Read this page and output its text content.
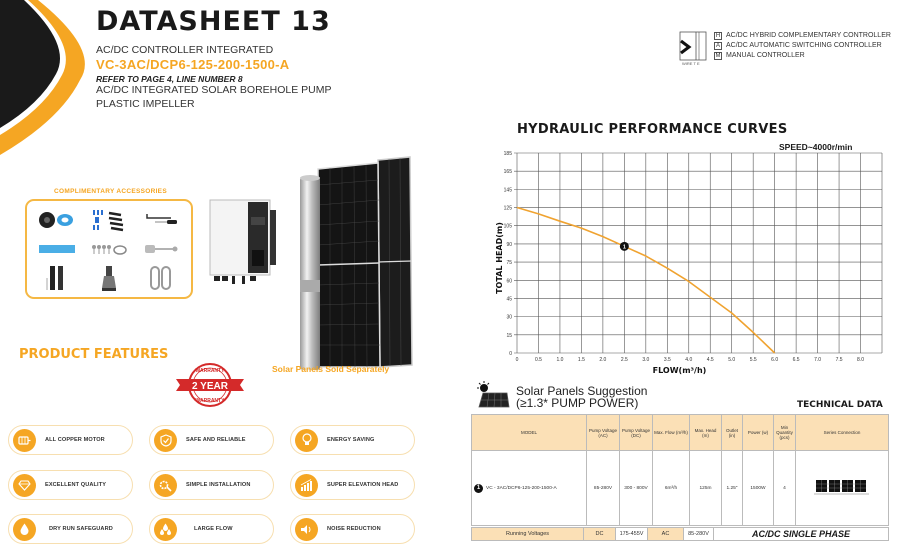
DATASHEET 13
AC/DC CONTROLLER INTEGRATED
VC-3AC/DCP6-125-200-1500-A
REFER TO PAGE 4, LINE NUMBER 8
AC/DC INTEGRATED SOLAR BOREHOLE PUMP
PLASTIC IMPELLER
WIRE T E
H AC/DC HYBRID COMPLEMENTARY CONTROLLER
A AC/DC AUTOMATIC SWITCHING CONTROLLER
M MANUAL CONTROLLER
COMPLIMENTARY ACCESSORIES
Solar Panels Sold Separately
PRODUCT FEATURES
WARRANTY
2 YEAR
WARRANTY
ALL COPPER MOTOR	SAFE AND RELIABLE	ENERGY SAVING
EXCELLENT QUALITY	SIMPLE INSTALLATION	SUPER ELEVATION HEAD
DRY RUN SAFEGUARD	LARGE FLOW	NOISE REDUCTION
HYDRAULIC PERFORMANCE CURVES
SPEED~4000r/min
0
15
30
45
60
75
90
105
125
145
165
185
0	0.5	1.0	1.5	2.0	2.5	3.0	3.5	4.0	4.5	5.0	5.5	6.0	6.5	7.0	7.5	8.0
1
FLOW(m³/h)
TOTAL HEAD(m)
Solar Panels Suggestion
(≥1.3* PUMP POWER)	TECHNICAL DATA
MODEL	Pump Voltage (AC)	Pump Voltage (DC)	Max. Flow (m³/h)	Max. Head (m)	Outlet (in)	Power (w)	Min Quantity (pcs)	Series Connection

1 VC - 3AC/DCP6-125-200-1500-A	85-280V	300 - 800V	6m³/h	125m	1.25"	1500W	4	
Running Voltages	DC	175-455V	AC	85-280V	AC/DC SINGLE PHASE
